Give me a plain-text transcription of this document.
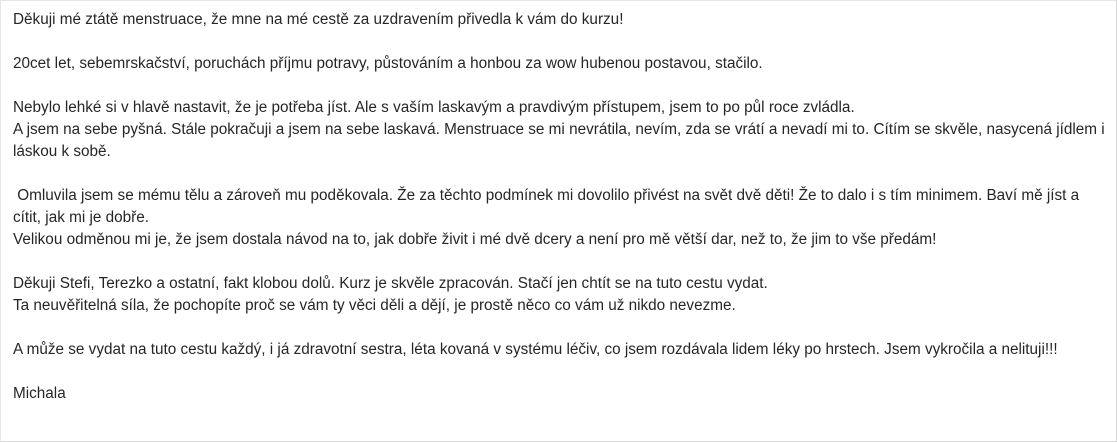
Děkuji mé ztátě menstruace, že mne na mé cestě za uzdravením přivedla k vám do kurzu!

20cet let, sebemrskačství, poruchách příjmu potravy, půstováním a honbou za wow hubenou postavou, stačilo.

Nebylo lehké si v hlavě nastavit, že je potřeba jíst. Ale s vaším laskavým a pravdivým přístupem, jsem to po půl roce zvládla.
A jsem na sebe pyšná. Stále pokračuji a jsem na sebe laskavá. Menstruace se mi nevrátila, nevím, zda se vrátí a nevadí mi to. Cítím se skvěle, nasycená jídlem i láskou k sobě.

Omluvila jsem se mému tělu a zároveň mu poděkovala. Že za těchto podmínek mi dovolilo přivést na svět dvě děti! Že to dalo i s tím minimem. Baví mě jíst a cítit, jak mi je dobře.
Velikou odměnou mi je, že jsem dostala návod na to, jak dobře živit i mé dvě dcery a není pro mě větší dar, než to, že jim to vše předám!

Děkuji Stefi, Terezko a ostatní, fakt klobou dolů. Kurz je skvěle zpracován. Stačí jen chtít se na tuto cestu vydat.
Ta neuvěřitelná síla, že pochopíte proč se vám ty věci děli a dějí, je prostě něco co vám už nikdo nevezme.

A může se vydat na tuto cestu každý, i já zdravotní sestra, léta kovaná v systému léčiv, co jsem rozdávala lidem léky po hrstech. Jsem vykročila a nelituji!!!

Michala
